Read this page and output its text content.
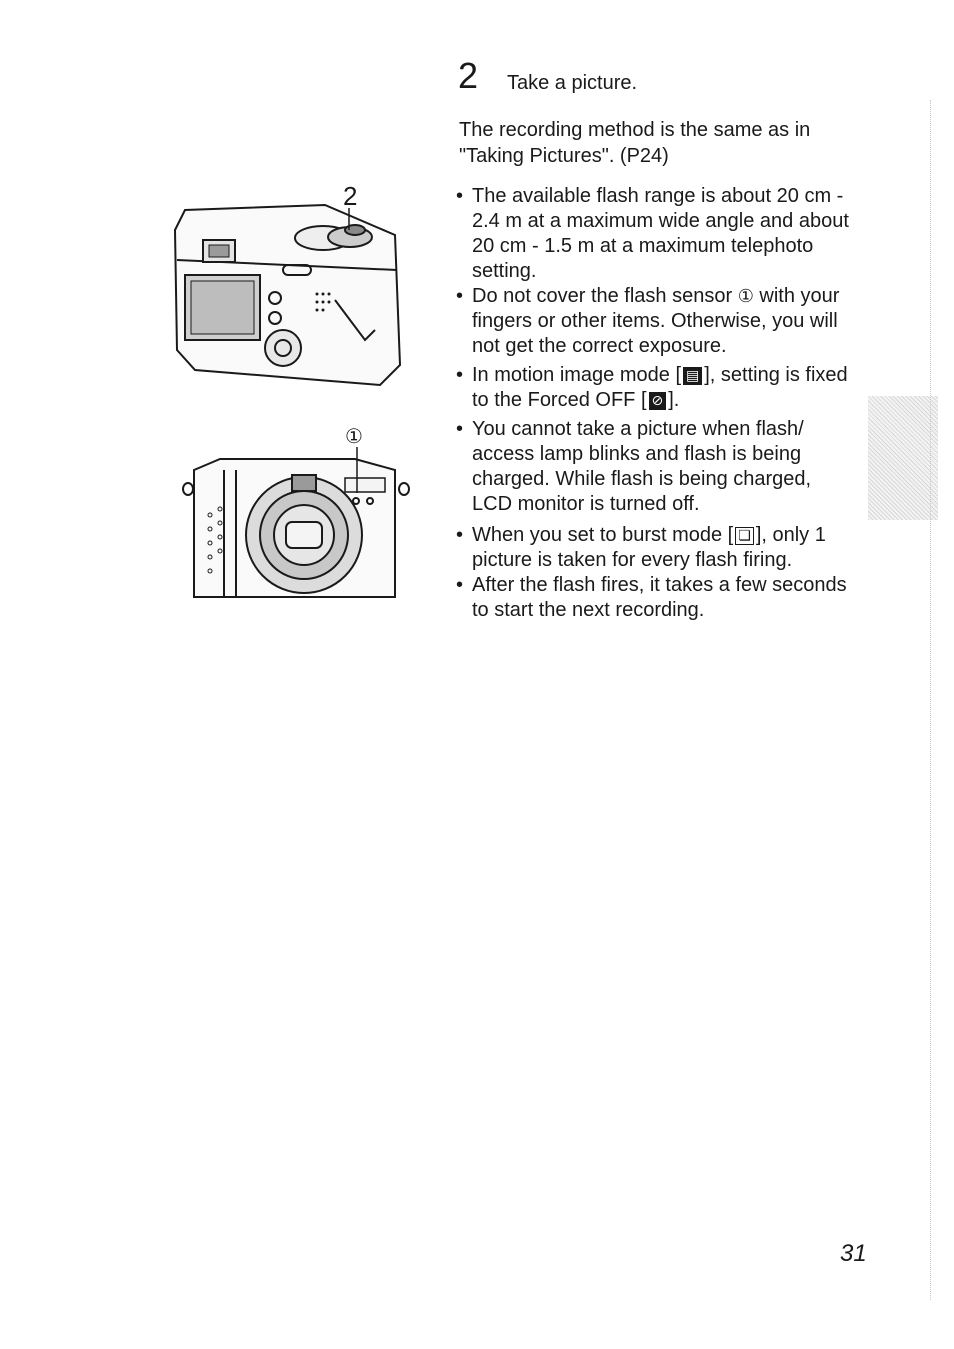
2
①
2 Take a picture.
The recording method is the same as in
"Taking Pictures". (P24)
• The available flash range is about 20 cm - 2.4 m at a maximum wide angle and about 20 cm - 1.5 m at a maximum telephoto setting.
• Do not cover the flash sensor ① with your fingers or other items. Otherwise, you will not get the correct exposure.
• In motion image mode [ ▤ ], setting is fixed to the Forced OFF [ ⊘ ].
• You cannot take a picture when flash/ access lamp blinks and flash is being charged. While flash is being charged, LCD monitor is turned off.
• When you set to burst mode [ ❏ ], only 1 picture is taken for every flash firing.
• After the flash fires, it takes a few seconds to start the next recording.
31
